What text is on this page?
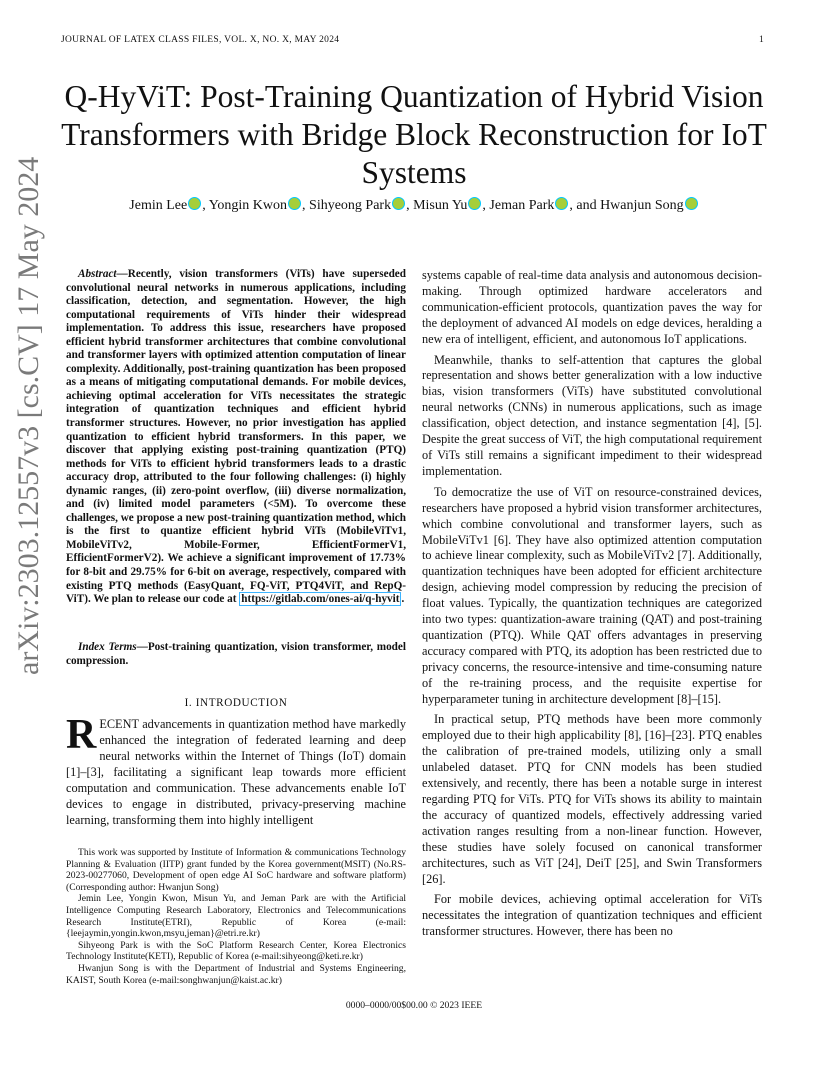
JOURNAL OF LATEX CLASS FILES, VOL. X, NO. X, MAY 2024	1
Q-HyViT: Post-Training Quantization of Hybrid Vision Transformers with Bridge Block Reconstruction for IoT Systems
Jemin Lee , Yongin Kwon , Sihyeong Park , Misun Yu , Jeman Park , and Hwanjun Song
arXiv:2303.12557v3 [cs.CV] 17 May 2024	Abstract—Recently, vision transformers (ViTs) have superseded convolutional neural networks in numerous applications, including classification, detection, and segmentation. However, the high computational requirements of ViTs hinder their widespread implementation. To address this issue, researchers have proposed efficient hybrid transformer architectures that combine convolutional and transformer layers with optimized attention computation of linear complexity. Additionally, post-training quantization has been proposed as a means of mitigating computational demands. For mobile devices, achieving optimal acceleration for ViTs necessitates the strategic integration of quantization techniques and efficient hybrid transformer structures. However, no prior investigation has applied quantization to efficient hybrid transformers. In this paper, we discover that applying existing post-training quantization (PTQ) methods for ViTs to efficient hybrid transformers leads to a drastic accuracy drop, attributed to the four following challenges: (i) highly dynamic ranges, (ii) zero-point overflow, (iii) diverse normalization, and (iv) limited model parameters (<5M). To overcome these challenges, we propose a new post-training quantization method, which is the first to quantize efficient hybrid ViTs (MobileViTv1, MobileViTv2, Mobile-Former, EfficientFormerV1, EfficientFormerV2). We achieve a significant improvement of 17.73% for 8-bit and 29.75% for 6-bit on average, respectively, compared with existing PTQ methods (EasyQuant, FQ-ViT, PTQ4ViT, and RepQ-ViT). We plan to release our code at https://gitlab.com/ones-ai/q-hyvit .
Index Terms—Post-training quantization, vision transformer, model compression.
I. INTRODUCTION
RECENT advancements in quantization method have markedly enhanced the integration of federated learning and deep neural networks within the Internet of Things (IoT) domain [1]–[3], facilitating a significant leap towards more efficient computation and communication. These advancements enable IoT devices to engage in distributed, privacy-preserving machine learning, transforming them into highly intelligent

This work was supported by Institute of Information & communications Technology Planning & Evaluation (IITP) grant funded by the Korea government(MSIT) (No.RS-2023-00277060, Development of open edge AI SoC hardware and software platform) (Corresponding author: Hwanjun Song)

Jemin Lee, Yongin Kwon, Misun Yu, and Jeman Park are with the Artificial Intelligence Computing Research Laboratory, Electronics and Telecommunications Research Institute(ETRI), Republic of Korea (e-mail:{leejaymin,yongin.kwon,msyu,jeman}@etri.re.kr)

Sihyeong Park is with the SoC Platform Research Center, Korea Electronics Technology Institute(KETI), Republic of Korea (e-mail:sihyeong@keti.re.kr)

Hwanjun Song is with the Department of Industrial and Systems Engineering, KAIST, South Korea (e-mail:songhwanjun@kaist.ac.kr)

systems capable of real-time data analysis and autonomous decision-making. Through optimized hardware accelerators and communication-efficient protocols, quantization paves the way for the deployment of advanced AI models on edge devices, heralding a new era of intelligent, efficient, and autonomous IoT applications.

Meanwhile, thanks to self-attention that captures the global representation and shows better generalization with a low inductive bias, vision transformers (ViTs) have substituted convolutional neural networks (CNNs) in numerous applications, such as image classification, object detection, and instance segmentation [4], [5]. Despite the great success of ViT, the high computational requirement of ViTs still remains a significant impediment to their widespread implementation.

To democratize the use of ViT on resource-constrained devices, researchers have proposed a hybrid vision transformer architectures, which combine convolutional and transformer layers, such as MobileViTv1 [6]. They have also optimized attention computation to achieve linear complexity, such as MobileViTv2 [7]. Additionally, quantization techniques have been adopted for efficient architecture design, achieving model compression by reducing the precision of float values. Typically, the quantization techniques are categorized into two types: quantization-aware training (QAT) and post-training quantization (PTQ). While QAT offers advantages in preserving accuracy compared with PTQ, its adoption has been restricted due to privacy concerns, the resource-intensive and time-consuming nature of the re-training process, and the requisite expertise for hyperparameter tuning in architecture development [8]–[15].

In practical setup, PTQ methods have been more commonly employed due to their high applicability [8], [16]–[23]. PTQ enables the calibration of pre-trained models, utilizing only a small unlabeled dataset. PTQ for CNN models has been studied extensively, and recently, there has been a notable surge in interest regarding PTQ for ViTs. PTQ for ViTs shows its ability to maintain the accuracy of quantized models, effectively addressing varied activation ranges resulting from a non-linear function. However, these studies have solely focused on canonical transformer architectures, such as ViT [24], DeiT [25], and Swin Transformers [26].

For mobile devices, achieving optimal acceleration for ViTs necessitates the integration of quantization techniques and efficient transformer structures. However, there has been no

0000–0000/00$00.00 © 2023 IEEE
